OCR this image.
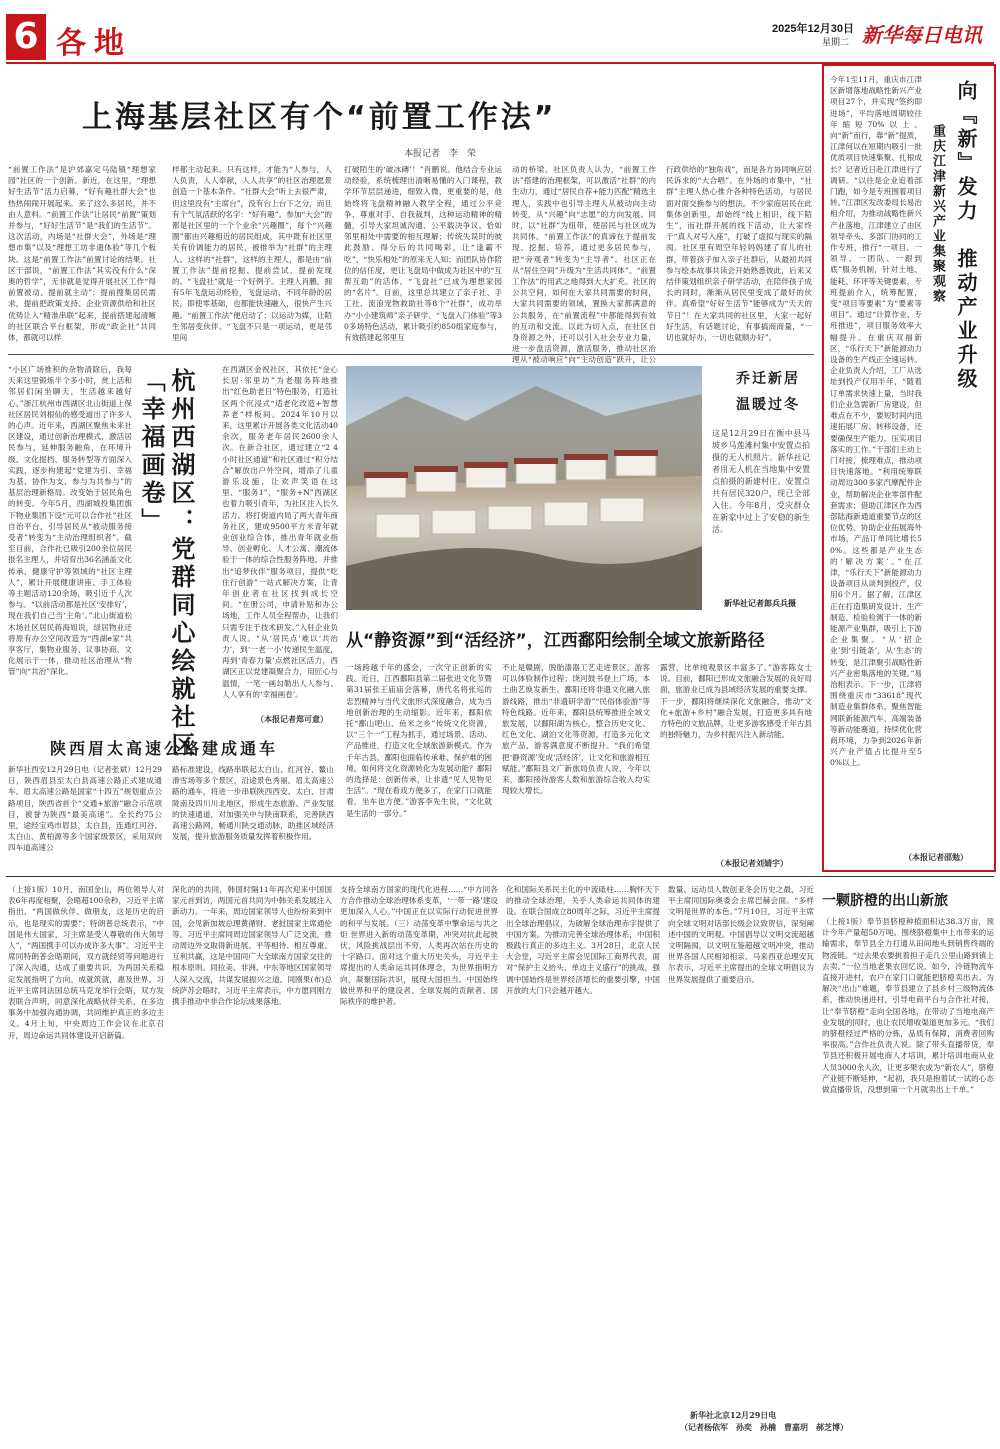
6 各地	2025年12月30日
星期二 新华每日电讯
上海基层社区有个“前置工作法”
本报记者　李　荣
“前置工作法”是沪郊嘉定马陆镇“理想家园”社区的一个创新。新近，在这里，“理想好生活节”活力启幕，“好有趣社群大会”也热热闹闹开展起来。来了这么多居民，并不由人意料。“前置工作法”让居民“前置”策划并参与，“好好生活节”是“我们的生活节”。这次活动，内场是“社群大会”，外场是“理想市集”以及“理想工坊非遗体验”等几个板块。这是“前置工作法”前置讨论的结果。社区干部说，“前置工作法”其实没有什么“深奥的哲学”，无非就是觉得开展社区工作“得前置被动、提前就主动”；提前搜集居民需求，提前把政策支持、企业资源供给和社区优势让入“精准串联”起来，提前搭建起清晰的社区联合平台框架，形成“政企社”共同体，都就可以样
样都主动起来。只有这样，才能为“人参与，人人负责，人人奉献，人人共享”的社区治理愿景创造一个基本条件。“社群大会”听上去很严肃，但这里没有“主席台”，没有台上台下之分，而且有个气氛活跃的名字：“好有趣”。参加“大会”的都是社区里的一个个业余“兴趣圈”，每个“兴趣圈”都由兴趣相近的居民组成，其中既有社区里关有价调能力的居民，被推举为“社群”的主理人。这样的“社群”，这样的主理人，都是由“前置工作法”提前挖掘、提前尝试、提前发现的。“飞盘社”就是一个好例子。主理人肖鹏，拥有5年飞盘运动经验，飞盘运动，不同年龄的居民，即使零基础，也都能快速融入，很快产生兴趣。“前置工作法”便启动了；以运动为媒，让陌生邻居变伙伴。“飞盘不只是一项运动，更是邻里间
打破陌生的‘破冰磚’！”肖鹏说。他结合专业运动经验，系统梳理出清晰易懂的入门课程，教学环节层层递进，细致入微，更重要的是，他始终将飞盘精神融入教学全程，通过公平竞争、尊重对手、自我裁判，这种运动精神的精髓，引导大家坦诚沟通、公平载决争议。恰如邻里相处中需要的相互理解；传统失误时的彼此鼓励、得分后的共同喝彩，让“逢霸不吃”、“快乐相处”的原来无人知；而团队协作陪位的信任度，更让飞盘局中做成为社区中的“互帮互助”的活体。“飞盘社”已成为理想家园的“名片”。目前，这里总共建立了亲子社、手工社、流浪宠物救助社等8个“社群”，成功举办“小小建筑师”亲子研学、“飞盘入门体验”等30多场特色活动，累计吸引约850组家庭参与，有效搭建起邻里互
动的桥梁。社区负责人认为，“前置工作法”搭建的治理框架，可以激活“社群”的内生动力，通过“居民自荐+能力匹配”精选主理人，实践中也引导主理人从被动向主动转变，从“兴趣”向“志愿”的方向发展。同时，以“社群”为纽带，使居民与社区成为共同体。“前置工作法”的真谛在于提前发现、挖掘、培养，通过更多居民参与，把“旁观者”转变为“主导者”。社区正在从“居住空间”升级为“生活共同体”。“前置工作法”的用武之地得到大大扩充。社区的公共空间，如何在大家共同需要的时间，大家共同需要的领域，置换大家都满意的公共服务，在“前置流程”中都能得到有效的互动和交流。以此为切入点，在社区自身资源之外，还可以引入社会专业力量，进一步盘活资源，激活服务，推动社区治理从“被动响应”向“主动创造”跃升，让公
行政供给的“独角戏”，而是各方协同响应居民诉求的“大合唱”。在外场的市集中，“社群”主理人热心推介各种特色活动，与居民面对面交换参与的想法。不少家庭居民在此集体创新里，却始终“线上相识，线下陌生”，而社群开展的线下活动，让大家终于“真人对号入座”，打破了虚拟与现实的隔阂。社区里有周空年轻妈妈建了育儿的社群，带着孩子加入亲子社群后，从最初共同参与绘本故事共读会开始熟悉彼此，后来又结伴策划组织亲子研学活动，在陪伴孩子成长的同时，渐渐从居民里变成了最好的伙伴。真希望“好好生活节”能够成为“天天的节日”！在大家共同的社区里，大家一起好好生活，有话题讨论，有事搞商商量，“一切也就好办，一切也就顺办好”。
杭州西湖区：党群同心绘就社区「幸福画卷」
“小区广场推积的杂物清除后，我每天来这里锻炼半个多小时，赏上活和邻居们闲坐聊天，生活越来越好心。”浙江杭州市西湖区北山街道上保社区居民刘根仙的感受道出了许多人的心声。近年来，西湖区聚焦未来社区建设，通过创新治理模式，激活居民参与，延伸服务触角，在环境升级、文化提档、服务转型等方面深入实践，逐步构建起“党建为引、幸福为基、协作为支、参与为共参与”的基层治理新格局。改变始于居民角色的转变。今年5月，西湖城投集团旗下物业集团下设“元可以合作社”社区自治平台，引导居民从“被动服务接受者”转变为“主动治理组织者”。截至目前，合作社已吸引200余位居民报名主理人，并培育出36名涵盖文化传承、健康守护等领域的“社区主理人”，累计开展健康讲座、手工体验等主题活动120余场，吸引近千人次参与。“以前活动都是社区‘安排好’，现在我们自己当‘主角’。”北山街道松木场社区居民蒋海姐说，绿居物业还将原有办公空间改造为“西湖e家”共享客厅，集物业服务、议事协商、文化展示于一体，推动社区治理从“物管”向“共治”深化。
在西湖区金祝社区，其依托“金心长居·邻里坊”为老服务阵地推出“红色助老日”特色服务，打造社区两个沉浸式“适老化改造+智慧养老”样板间。2024年10月以来，这里累计开展各类文化活动40余次，服务老年居民2600余人次。在新合社区，通过建立“2 4 小时社区通道”和社区通过“积分结合”解放出户外空间，增添了儿童游乐设施，让欢声笑语在这里、“服务1”，“服务+N”西湖区也着力吸引青年，为社区注入长久活力。将打街道内局了两大青年商务社区，建成9500平方米青年就业创业综合体，推出青年就业指导、创业孵化、人才公寓、潮流体验于一体的综合性服务阵地，并推出“追梦伙伴”服务项目，提供“吃住行创游”一站式解决方案，让青年创业者在社区找到成长空间。“在册公司，申请补贴和办公场地，工作人员全程帮办，让我们只需专注于技术研发。”入驻企业负责人说。“从‘居民点’难以‘共治力’，到‘一老一小’传递民生温度，再到‘青春力量’点燃社区活力，西湖区正以党建凝聚合力，用匠心与温情，一笔一画勾勒出人人参与、人人享有的‘幸福画卷’。
（本报记者郑可意）
乔迁新居　温暖过冬
这是12月29日在衡中县马坡乡马莲滩村集中安置点拍摄的无人机照片。新华社记者用无人机在当地集中安置点拍摄的新建村庄。安置点共有居民320户，现已全部入住。今年8月，受灾群众在新家中过上了安稳的新生活。
新华社记者郎兵兵摄
从“静资源”到“活经济”，江西鄱阳绘制全域文旅新路径
一场跨越千年的盛会，一次守正创新的实践。近日，江西鄱阳县第二届张进文化节暨第31届张王庙庙会落幕，唐代名将张巡的忠烈精神与当代文旅形式深度融合，成为当地创新治理的生动缩影。近年来，鄱阳依托“鄱山吧山、鱼米之乡”传统文化资源，以“三个一”工程为抓手，通过场景、活动、产品推进，打造文化全域旅游新模式。作为千年古县，鄱阳也面临传承难、保护难的困境。如何将文化资源转化为发展动能？鄱阳的选择是：创新传承，让非遗“见人见物见生活”。“现在看戏方便多了，在家门口就能看，坐车也方便。”游客李先生说，“文化就是生活的一部分。”
不止是赣剧，脱胎漆器工艺走进景区，游客可以体验制作过程；饶河鼓书登上广场，本土曲艺焕发新生。鄱阳还将非遗文化融入旅游线路，推出“非遗研学游”“民俗体验游”等特色线路。近年来，鄱阳县统筹推进全域文旅发展，以鄱阳湖为核心，整合历史文化、红色文化、湖泊文化等资源，打造多元化文旅产品，游客满意度不断提升。“我们希望把‘静资源’变成‘活经济’，让文化和旅游相互赋能。”鄱阳县文广新旅局负责人说，今年以来，鄱阳接待游客人数和旅游综合收入均实现较大增长。
露营，比单纯观景区丰富多了。”游客陈女士说。目前，鄱阳已形成文旅融合发展的良好局面，旅游业已成为县域经济发展的重要支撑。下一步，鄱阳将继续深化文旅融合，推动“文化+旅游+乡村”融合发展，打造更多具有地方特色的文旅品牌，让更多游客感受千年古县的独特魅力，为乡村振兴注入新动能。
（本报记者刘婧宇）
陕西眉太高速公路建成通车
新华社西安12月29日电（记者张斌）12月29日，陕西眉县至太白县高速公路正式建成通车。眉太高速公路是国家“十四五”规划重点公路项目，陕西省首个“交通+旅游”融合示范项目，被誉为陕西“最美高速”。全长约75公里，途经宝鸡市眉县、太白县，连通红河谷、太白山、黄柏源等多个国家级景区，采用双向四车道高速公
路标准建设，线路串联起太白山、红河谷、鳌山滑雪场等多个景区，沿途景色秀丽。眉太高速公路的通车，将进一步串联陕西西安、太白、甘肃陇南及四川川北地区，形成生态旅游、产业发展的快速通道，对加强关中与陕南联系，完善陕西高速公路网，畅通川陕交通动脉，助推区域经济发展，提升旅游服务质量发挥着积极作用。
向『新』发力　推动产业升级
重庆江津新兴产业集聚观察
今年1至11月，重庆市江津区新增落地战略性新兴产业项目27个，并实现“签约即进场”，平均落地周期较往年缩短70%以上。向“新”而行，靠“新”提质，江津何以在短期内吸引一批优质项目快速集聚、扎根成长？记者近日赴江津进行了调研。“以往是企业追着部门跑，如今是专班围着项目转。”江津区发改委局长易治相介绍，为推动战略性新兴产业落地，江津建立了由区领导牵头、多部门协同的工作专班，推行“一项目、一领导、一团队、一跟到底”服务机制，针对土地、能耗、环评等关键要素，专班提前介入，统筹配置，变“项目等要素”为“要素等项目”。通过“计算作业、专班推进”，项目服务效率大幅提升。在重庆双福新区，“乐行天下”新能源动力设备的生产线正全速运转。企业负责人介绍，工厂从选址到投产仅用半年，“随着订单需求快速上量，当时我们企业急需新厂房建设，但难点在不少，要短时间内迅速拓展厂房、转移设备，还要确保生产能力，压实项目落实的工作。”干部们主动上门对接，梳理难点，推动项目快速落地。“利用统筹联动周边300多家汽摩配件企业，帮助解决企业零部件配套需求；借助江津区作为西部陆海新通道重要节点的区位优势，协助企业拓展海外市场，产品订单同比增长50%。这些都是产业生态的‘解决方案’。”在江津，“乐行天下”新能源动力设备项目从谈判到投产，仅用6个月。据了解，江津区正在打造集研发设计、生产制造、检验检测于一体的新能源产业集群，吸引上下游企业集聚。“从‘招企业’到‘引链条’，从‘生态’的转变，是江津聚引战略性新兴产业密集落地的关键。”易治相表示。下一步，江津将围绕重庆市“33618”现代制造业集群体系，聚焦智能网联新能源汽车、高端装备等新动能赛道，持续优化营商环境，力争到2026年新兴产业产值占比提升至50%以上。
（本报记者邵勉）
（上接1版）10月，南国金山，两位领导人对表6年再度相聚，会晤超100余秒，习近平主席指出，“两国做伙伴、做朋友，这是历史的启示，也是现实的需要”；特朗普总统表示，“中国是伟大国家，习主席是受人尊敬的伟大领导人”，“两国携手可以办成许多大事”。习近平主席同特朗普会晤期间，双方就经贸等问题进行了深入沟通，达成了重要共识，为两国关系稳定发展指明了方向。成就筑就，惠及世界。习近平主席同法国总统马克龙举行会晤，双方发表联合声明，同意深化战略伙伴关系，在多边事务中加强沟通协调，共同维护真正的多边主义。4月上旬，中央周边工作会议在北京召开，周边命运共同体建设开启新篇。
深化的的共同，韩国时隔11年再次迎来中国国家元首到访，两国元首共同为中韩关系发展注入新动力。一年来，周边国家领导人也纷纷来到中国，会见新加坡总理黄循财、老挝国家主席通伦等。习近平主席同周边国家领导人广泛交流，推动周边外交取得新进展。平等相待、相互尊重、互利共赢，这是中国同广大全球南方国家交往的根本原则。同拉美、非洲、中东等地区国家领导人深入交流，共谋发展振兴之道。同刚果(布)总统萨苏会晤时，习近平主席表示，中方愿同刚方携手推动中非合作论坛成果落地。
支持全球南方国家的现代化进程……“中方同各方合作推动全球治理体系变革，‘一带一路’建设更加深入人心。”中国正在以实际行动促进世界的和平与发展。（三）动荡变革中擎命运与共之炬 世界进入新的动荡变革期，冲突对抗此起彼伏，风险挑战层出不穷，人类再次站在历史的十字路口。面对这个重大历史关头，习近平主席提出的人类命运共同体理念，为世界指明方向，凝聚国际共识，展现大国担当。中国始终做世界和平的建设者、全球发展的贡献者、国际秩序的维护者。
化和国际关系民主化的中流砥柱……胸怀天下的推动全球治理，关乎人类命运共同体的建设。在联合国成立80周年之际，习近平主席提出全球治理倡议，为破解全球治理赤字提供了中国方案。为推动完善全球治理体系，中国积极践行真正的多边主义。3月28日，北京人民大会堂，习近平主席会见国际工商界代表，面对“保护主义抬头、单边主义盛行”的挑战，强调中国始终是世界经济增长的重要引擎，中国开放的大门只会越开越大。
数量、运动员人数创亚冬会历史之最，习近平主席同国际奥委会主席巴赫会面。“多样文明是世界的本色。”7月10日，习近平主席向全球文明对话部长级会议致贺信，深刻阐述中国的文明观。中国倡导以文明交流超越文明隔阂，以文明互鉴超越文明冲突，推动世界各国人民相知相亲。马来西亚总理安瓦尔表示，习近平主席提出的全球文明倡议为世界发展提供了重要启示。
新华社北京12月29日电
（记者杨依军　孙奕　孙楠　曹嘉玥　郝芝博）
一颗脐橙的出山新旅
（上接1版）奉节县脐橙种植面积达38.3万亩，预计今年产量超50万吨。围绕脐橙集中上市带来的运输需求，奉节县全力打通从田间地头到销售终端的物流链。“过去果农要挑着担子走几公里山路到镇上去卖。”一位当地老果农回忆说，如今，冷链物流车直接开进村，农户在家门口就能把脐橙卖出去。为解决“出山”难题，奉节县建立了县乡村三级物流体系，推动快递进村，引导电商平台与合作社对接，让“奉节脐橙”走向全国各地，在带动了当地电商产业发展的同时，也让农民增收渠道更加多元。“我们的脐橙经过严格的分拣，品质有保障，消费者回购率很高。”合作社负责人说。除了带头直播带货，奉节县还积极开展电商人才培训，累计培训电商从业人员3000余人次，让更多果农成为“新农人”，脐橙产业链不断延伸，“起初，我只是抱着试一试的心态做直播带货，没想到第一个月就卖出上千单。”
